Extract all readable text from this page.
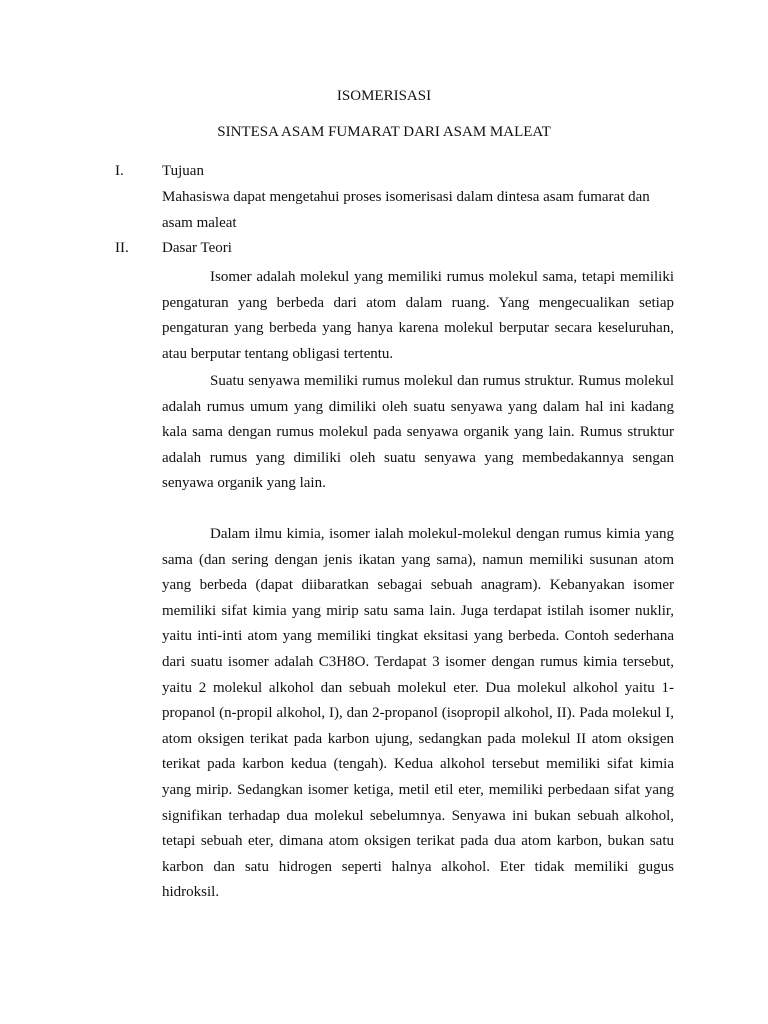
ISOMERISASI
SINTESA ASAM FUMARAT DARI ASAM MALEAT
I.	Tujuan

Mahasiswa dapat mengetahui proses isomerisasi dalam dintesa asam fumarat dan asam maleat

II. Dasar Teori

Isomer adalah molekul yang memiliki rumus molekul sama, tetapi memiliki pengaturan yang berbeda dari atom dalam ruang. Yang mengecualikan setiap pengaturan yang berbeda yang hanya karena molekul berputar secara keseluruhan, atau berputar tentang obligasi tertentu.

Suatu senyawa memiliki rumus molekul dan rumus struktur. Rumus molekul adalah rumus umum yang dimiliki oleh suatu senyawa yang dalam hal ini kadang kala sama dengan rumus molekul pada senyawa organik yang lain. Rumus struktur adalah rumus yang dimiliki oleh suatu senyawa yang membedakannya sengan senyawa organik yang lain.

Dalam ilmu kimia, isomer ialah molekul-molekul dengan rumus kimia yang sama (dan sering dengan jenis ikatan yang sama), namun memiliki susunan atom yang berbeda (dapat diibaratkan sebagai sebuah anagram). Kebanyakan isomer memiliki sifat kimia yang mirip satu sama lain. Juga terdapat istilah isomer nuklir, yaitu inti-inti atom yang memiliki tingkat eksitasi yang berbeda. Contoh sederhana dari suatu isomer adalah C3H8O. Terdapat 3 isomer dengan rumus kimia tersebut, yaitu 2 molekul alkohol dan sebuah molekul eter. Dua molekul alkohol yaitu 1-propanol (n-propil alkohol, I), dan 2-propanol (isopropil alkohol, II). Pada molekul I, atom oksigen terikat pada karbon ujung, sedangkan pada molekul II atom oksigen terikat pada karbon kedua (tengah). Kedua alkohol tersebut memiliki sifat kimia yang mirip. Sedangkan isomer ketiga, metil etil eter, memiliki perbedaan sifat yang signifikan terhadap dua molekul sebelumnya. Senyawa ini bukan sebuah alkohol, tetapi sebuah eter, dimana atom oksigen terikat pada dua atom karbon, bukan satu karbon dan satu hidrogen seperti halnya alkohol. Eter tidak memiliki gugus hidroksil.
